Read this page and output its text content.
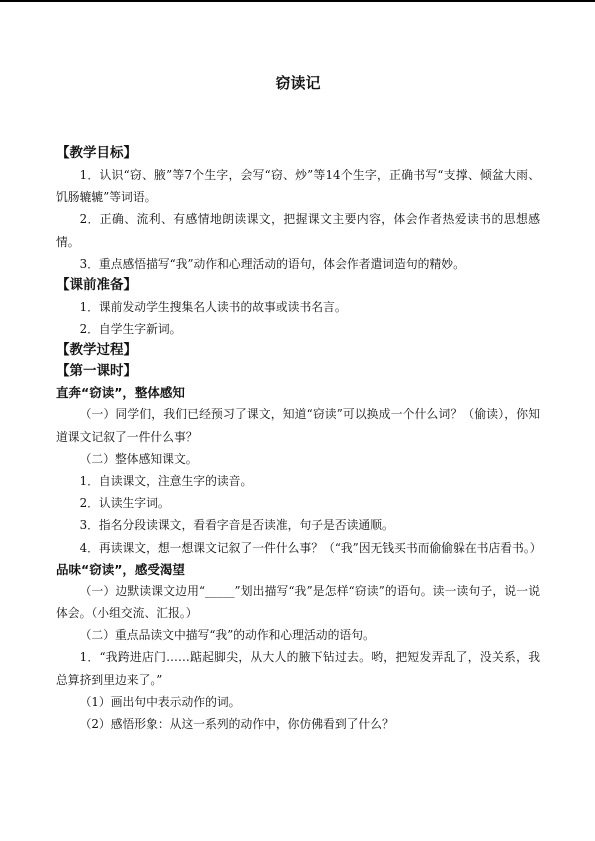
窃读记
【教学目标】

1．认识“窃、腋”等7个生字，会写“窃、炒”等14个生字，正确书写“支撑、倾盆大雨、饥肠辘辘”等词语。

2．正确、流利、有感情地朗读课文，把握课文主要内容，体会作者热爱读书的思想感情。

3．重点感悟描写“我”动作和心理活动的语句，体会作者遣词造句的精妙。

【课前准备】

1．课前发动学生搜集名人读书的故事或读书名言。

2．自学生字新词。

【教学过程】
【第一课时】
直奔“窃读”，整体感知

（一）同学们，我们已经预习了课文，知道“窃读”可以换成一个什么词？（偷读），你知道课文记叙了一件什么事？

（二）整体感知课文。

1．自读课文，注意生字的读音。

2．认读生字词。

3．指名分段读课文，看看字音是否读准，句子是否读通顺。

4．再读课文，想一想课文记叙了一件什么事？（“我”因无钱买书而偷偷躲在书店看书。）

品味“窃读”，感受渴望

（一）边默读课文边用“_____”划出描写“我”是怎样“窃读”的语句。读一读句子，说一说体会。（小组交流、汇报。）

（二）重点品读文中描写“我”的动作和心理活动的语句。

1．“我跨进店门……踮起脚尖，从大人的腋下钻过去。哟，把短发弄乱了，没关系，我总算挤到里边来了。”

（1）画出句中表示动作的词。

（2）感悟形象：从这一系列的动作中，你仿佛看到了什么？
